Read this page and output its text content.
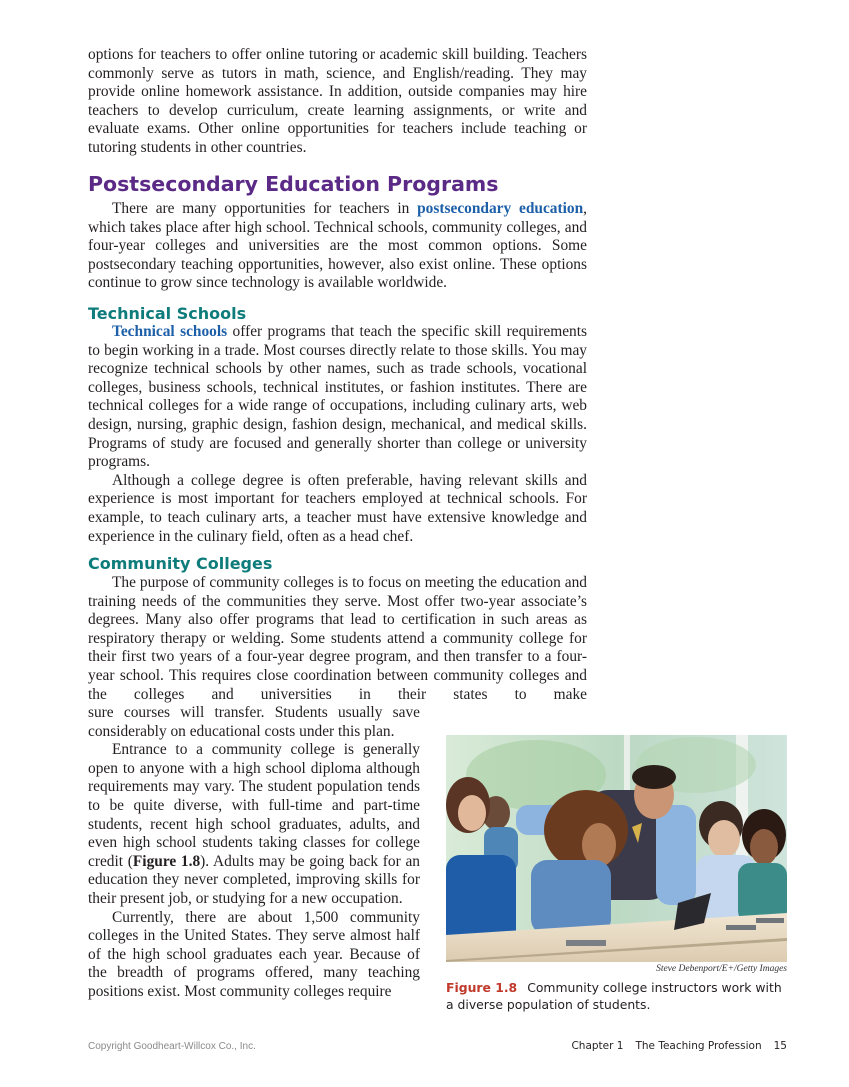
options for teachers to offer online tutoring or academic skill building. Teachers commonly serve as tutors in math, science, and English/reading. They may provide online homework assistance. In addition, outside companies may hire teachers to develop curriculum, create learning assignments, or write and evaluate exams. Other online opportunities for teachers include teaching or tutoring students in other countries.

Postsecondary Education Programs

There are many opportunities for teachers in postsecondary education, which takes place after high school. Technical schools, community colleges, and four-year colleges and universities are the most common options. Some postsecondary teaching opportunities, however, also exist online. These options continue to grow since technology is available worldwide.

Technical Schools

Technical schools offer programs that teach the specific skill requirements to begin working in a trade. Most courses directly relate to those skills. You may recognize technical schools by other names, such as trade schools, vocational colleges, business schools, technical institutes, or fashion institutes. There are technical colleges for a wide range of occupations, including culinary arts, web design, nursing, graphic design, fashion design, mechanical, and medical skills. Programs of study are focused and generally shorter than college or university programs.

Although a college degree is often preferable, having relevant skills and experience is most important for teachers employed at technical schools. For example, to teach culinary arts, a teacher must have extensive knowledge and experience in the culinary field, often as a head chef.

Community Colleges

The purpose of community colleges is to focus on meeting the education and training needs of the communities they serve. Most offer two-year associate’s degrees. Many also offer programs that lead to certification in such areas as respiratory therapy or welding. Some students attend a community college for their first two years of a four-year degree program, and then transfer to a four-year school. This requires close coordination between community colleges and the colleges and universities in their states to make

sure courses will transfer. Students usually save considerably on educational costs under this plan.

Entrance to a community college is generally open to anyone with a high school diploma although requirements may vary. The student population tends to be quite diverse, with full-time and part-time students, recent high school graduates, adults, and even high school students taking classes for college credit (Figure 1.8). Adults may be going back for an education they never completed, improving skills for their present job, or studying for a new occupation.

Currently, there are about 1,500 community colleges in the United States. They serve almost half of the high school graduates each year. Because of the breadth of programs offered, many teaching positions exist. Most community colleges require

Steve Debenport/E+/Getty Images
Figure 1.8 Community college instructors work with a diverse population of students.
Copyright Goodheart-Willcox Co., Inc.	Chapter 1 The Teaching Profession 15
